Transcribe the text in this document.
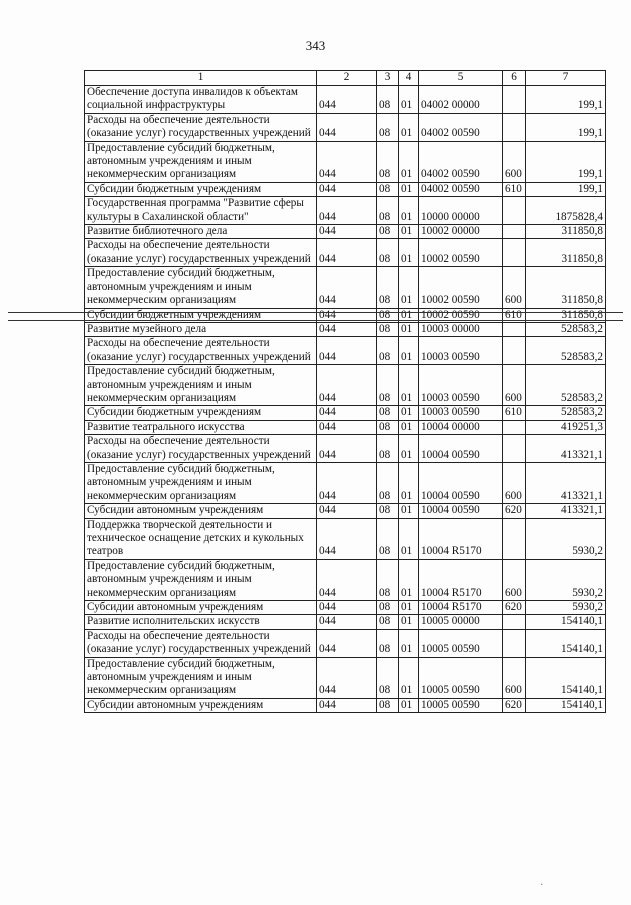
343
1	2	3	4	5	6	7
Обеспечение доступа инвалидов к объектам социальной инфраструктуры	044	08	01	04002 00000		199,1
Расходы на обеспечение деятельности (оказание услуг) государственных учреждений	044	08	01	04002 00590		199,1
Предоставление субсидий бюджетным, автономным учреждениям и иным некоммерческим организациям	044	08	01	04002 00590	600	199,1
Субсидии бюджетным учреждениям	044	08	01	04002 00590	610	199,1
Государственная программа "Развитие сферы культуры в Сахалинской области"	044	08	01	10000 00000		1875828,4
Развитие библиотечного дела	044	08	01	10002 00000		311850,8
Расходы на обеспечение деятельности (оказание услуг) государственных учреждений	044	08	01	10002 00590		311850,8
Предоставление субсидий бюджетным, автономным учреждениям и иным некоммерческим организациям	044	08	01	10002 00590	600	311850,8
Субсидии бюджетным учреждениям	044	08	01	10002 00590	610	311850,8
Развитие музейного дела	044	08	01	10003 00000		528583,2
Расходы на обеспечение деятельности (оказание услуг) государственных учреждений	044	08	01	10003 00590		528583,2
Предоставление субсидий бюджетным, автономным учреждениям и иным некоммерческим организациям	044	08	01	10003 00590	600	528583,2
Субсидии бюджетным учреждениям	044	08	01	10003 00590	610	528583,2
Развитие театрального искусства	044	08	01	10004 00000		419251,3
Расходы на обеспечение деятельности (оказание услуг) государственных учреждений	044	08	01	10004 00590		413321,1
Предоставление субсидий бюджетным, автономным учреждениям и иным некоммерческим организациям	044	08	01	10004 00590	600	413321,1
Субсидии автономным учреждениям	044	08	01	10004 00590	620	413321,1
Поддержка творческой деятельности и техническое оснащение детских и кукольных театров	044	08	01	10004 R5170		5930,2
Предоставление субсидий бюджетным, автономным учреждениям и иным некоммерческим организациям	044	08	01	10004 R5170	600	5930,2
Субсидии автономным учреждениям	044	08	01	10004 R5170	620	5930,2
Развитие исполнительских искусств	044	08	01	10005 00000		154140,1
Расходы на обеспечение деятельности (оказание услуг) государственных учреждений	044	08	01	10005 00590		154140,1
Предоставление субсидий бюджетным, автономным учреждениям и иным некоммерческим организациям	044	08	01	10005 00590	600	154140,1
Субсидии автономным учреждениям	044	08	01	10005 00590	620	154140,1
·
